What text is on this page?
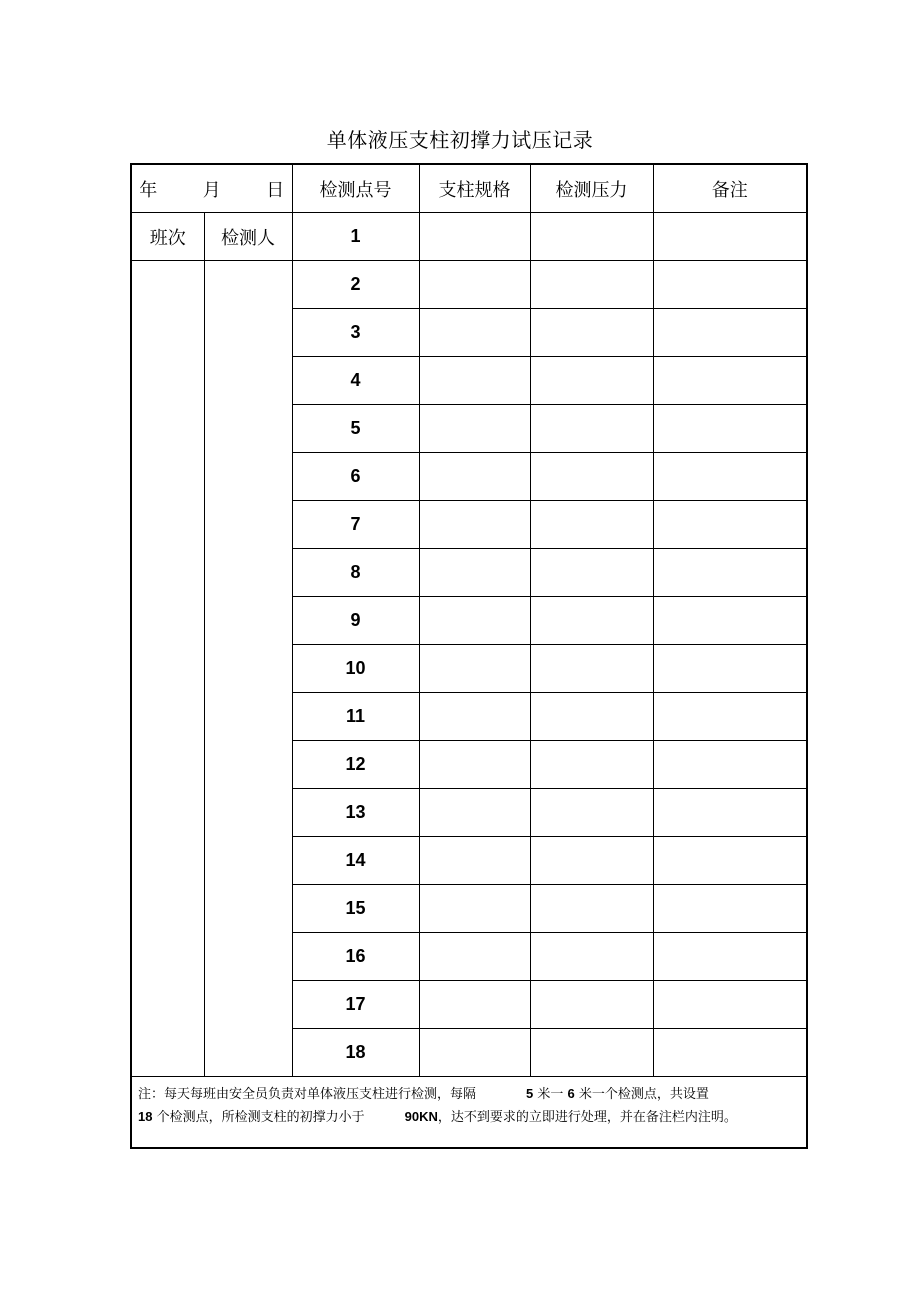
单体液压支柱初撑力试压记录
年 月 日		检测点号	支柱规格	检测压力	备注
班次	检测人	1			
		2			
		3			
		4			
		5			
		6			
		7			
		8			
		9			
		10			
		11			
		12			
		13			
		14			
		15			
		16			
		17			
		18			
注：每天每班由安全员负责对单体液压支柱进行检测，每隔 5 米一 6 米一个检测点，共设置
18 个检测点，所检测支柱的初撑力小于 90KN，达不到要求的立即进行处理，并在备注栏内注明。					
